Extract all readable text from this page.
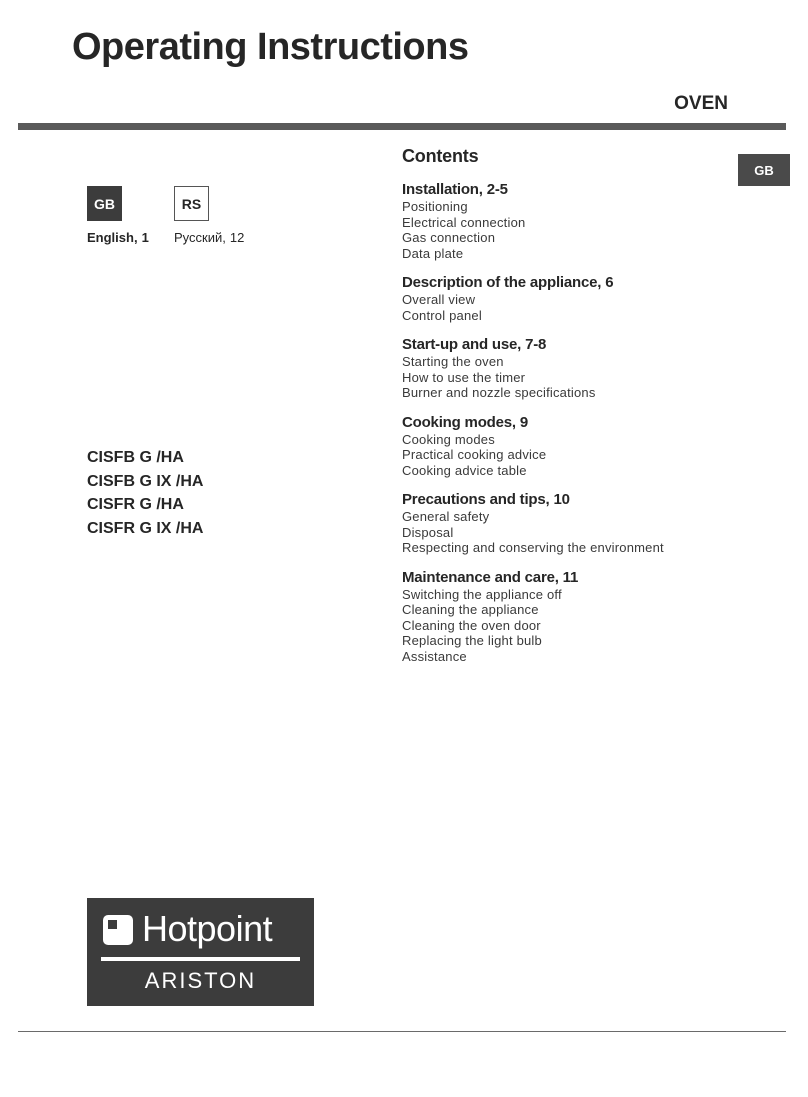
Operating Instructions
OVEN
GB
GB
English, 1
RS
Русский, 12
CISFB G /HA
CISFB G IX /HA
CISFR G /HA
CISFR G IX /HA
Contents
Installation, 2-5
Positioning
Electrical connection
Gas connection
Data plate
Description of the appliance, 6
Overall view
Control panel
Start-up and use, 7-8
Starting the oven
How to use the timer
Burner and nozzle specifications
Cooking modes, 9
Cooking modes
Practical cooking advice
Cooking advice table
Precautions and tips, 10
General safety
Disposal
Respecting and conserving the environment
Maintenance and care, 11
Switching the appliance off
Cleaning the appliance
Cleaning the oven door
Replacing the light bulb
Assistance
Hotpoint
ARISTON
